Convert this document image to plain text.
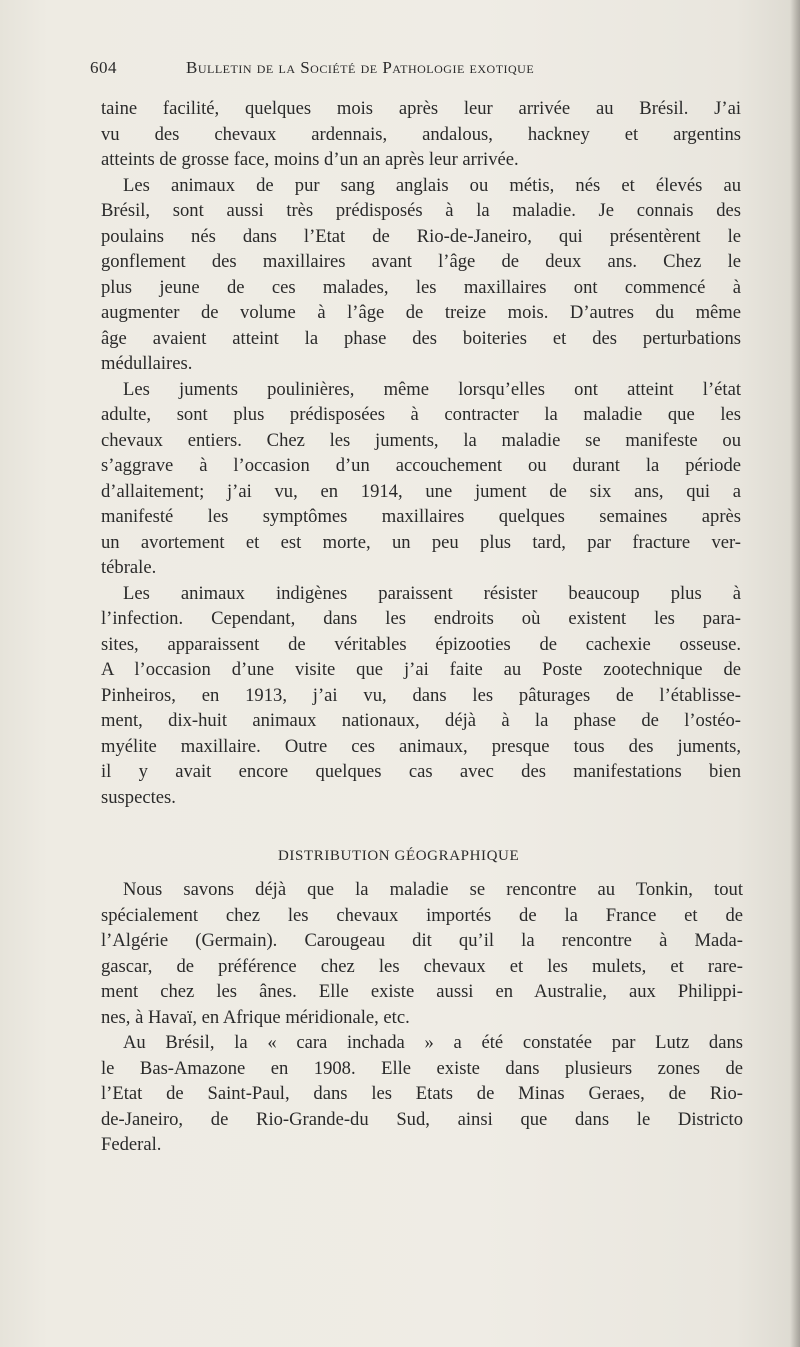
604	Bulletin de la Société de Pathologie exotique
taine facilité, quelques mois après leur arrivée au Brésil. J’ai
vu des chevaux ardennais, andalous, hackney et argentins
atteints de grosse face, moins d’un an après leur arrivée.
Les animaux de pur sang anglais ou métis, nés et élevés au
Brésil, sont aussi très prédisposés à la maladie. Je connais des
poulains nés dans l’Etat de Rio-de-Janeiro, qui présentèrent le
gonflement des maxillaires avant l’âge de deux ans. Chez le
plus jeune de ces malades, les maxillaires ont commencé à
augmenter de volume à l’âge de treize mois. D’autres du même
âge avaient atteint la phase des boiteries et des perturbations
médullaires.
Les juments poulinières, même lorsqu’elles ont atteint l’état
adulte, sont plus prédisposées à contracter la maladie que les
chevaux entiers. Chez les juments, la maladie se manifeste ou
s’aggrave à l’occasion d’un accouchement ou durant la période
d’allaitement; j’ai vu, en 1914, une jument de six ans, qui a
manifesté les symptômes maxillaires quelques semaines après
un avortement et est morte, un peu plus tard, par fracture ver-
tébrale.
Les animaux indigènes paraissent résister beaucoup plus à
l’infection. Cependant, dans les endroits où existent les para-
sites, apparaissent de véritables épizooties de cachexie osseuse.
A l’occasion d’une visite que j’ai faite au Poste zootechnique de
Pinheiros, en 1913, j’ai vu, dans les pâturages de l’établisse-
ment, dix-huit animaux nationaux, déjà à la phase de l’ostéo-
myélite maxillaire. Outre ces animaux, presque tous des juments,
il y avait encore quelques cas avec des manifestations bien
suspectes.
DISTRIBUTION GÉOGRAPHIQUE
Nous savons déjà que la maladie se rencontre au Tonkin, tout
spécialement chez les chevaux importés de la France et de
l’Algérie (Germain). Carougeau dit qu’il la rencontre à Mada-
gascar, de préférence chez les chevaux et les mulets, et rare-
ment chez les ânes. Elle existe aussi en Australie, aux Philippi-
nes, à Havaï, en Afrique méridionale, etc.
Au Brésil, la « cara inchada » a été constatée par Lutz dans
le Bas-Amazone en 1908. Elle existe dans plusieurs zones de
l’Etat de Saint-Paul, dans les Etats de Minas Geraes, de Rio-
de-Janeiro, de Rio-Grande-du Sud, ainsi que dans le Districto
Federal.
